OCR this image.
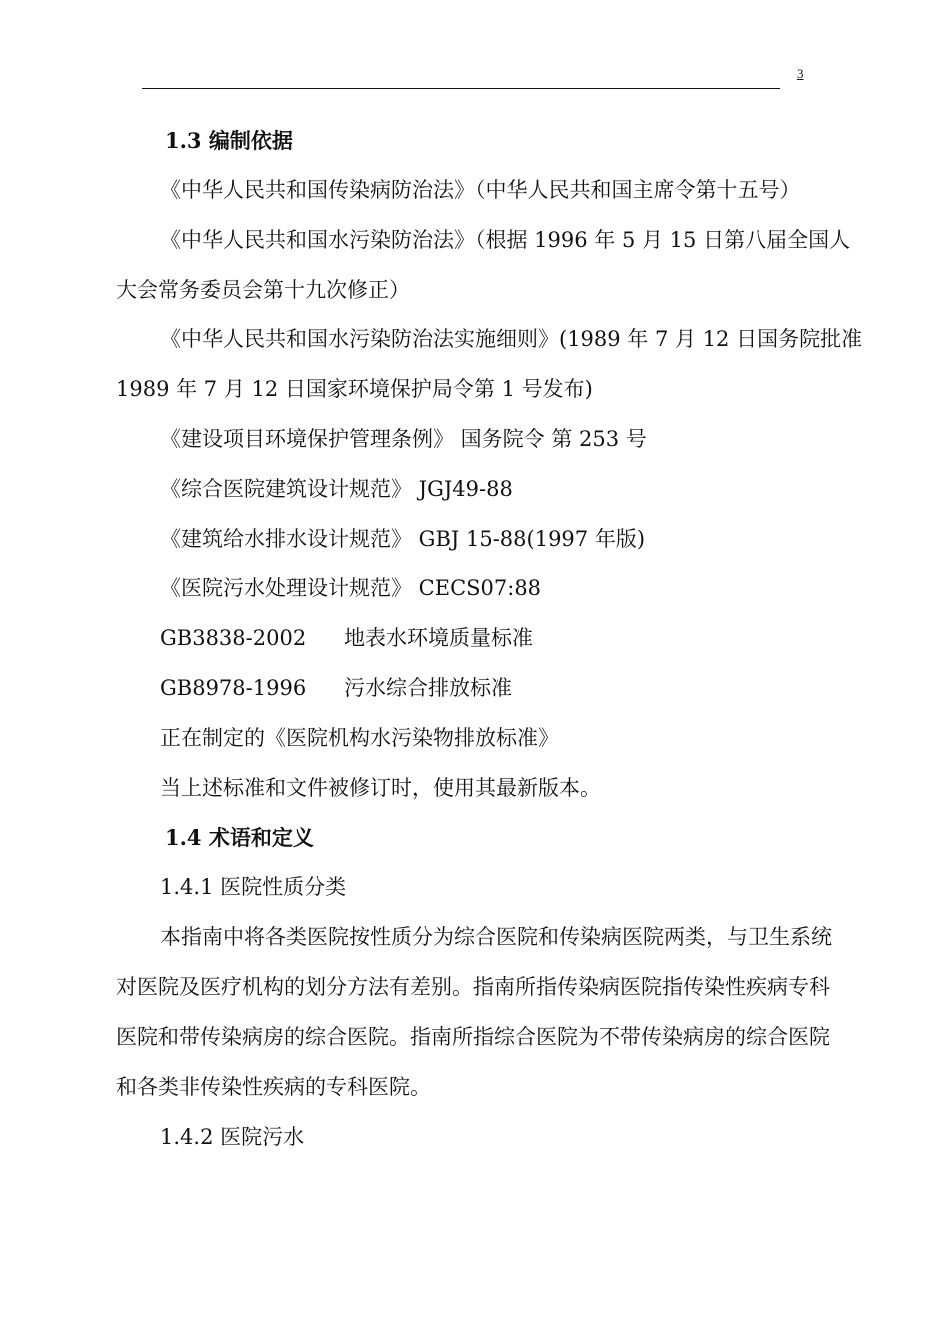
3
1.3 编制依据
《中华人民共和国传染病防治法》（中华人民共和国主席令第十五号）
《中华人民共和国水污染防治法》（根据 1996 年 5 月 15 日第八届全国人
大会常务委员会第十九次修正）
《中华人民共和国水污染防治法实施细则》(1989 年 7 月 12 日国务院批准
1989 年 7 月 12 日国家环境保护局令第 1 号发布)
《建设项目环境保护管理条例》 国务院令 第 253 号
《综合医院建筑设计规范》 JGJ49-88
《建筑给水排水设计规范》 GBJ 15-88(1997 年版)
《医院污水处理设计规范》 CECS07:88
GB3838-2002 地表水环境质量标准
GB8978-1996 污水综合排放标准
正在制定的《医院机构水污染物排放标准》
当上述标准和文件被修订时，使用其最新版本。
1.4 术语和定义
1.4.1 医院性质分类
本指南中将各类医院按性质分为综合医院和传染病医院两类，与卫生系统
对医院及医疗机构的划分方法有差别。指南所指传染病医院指传染性疾病专科
医院和带传染病房的综合医院。指南所指综合医院为不带传染病房的综合医院
和各类非传染性疾病的专科医院。
1.4.2 医院污水
